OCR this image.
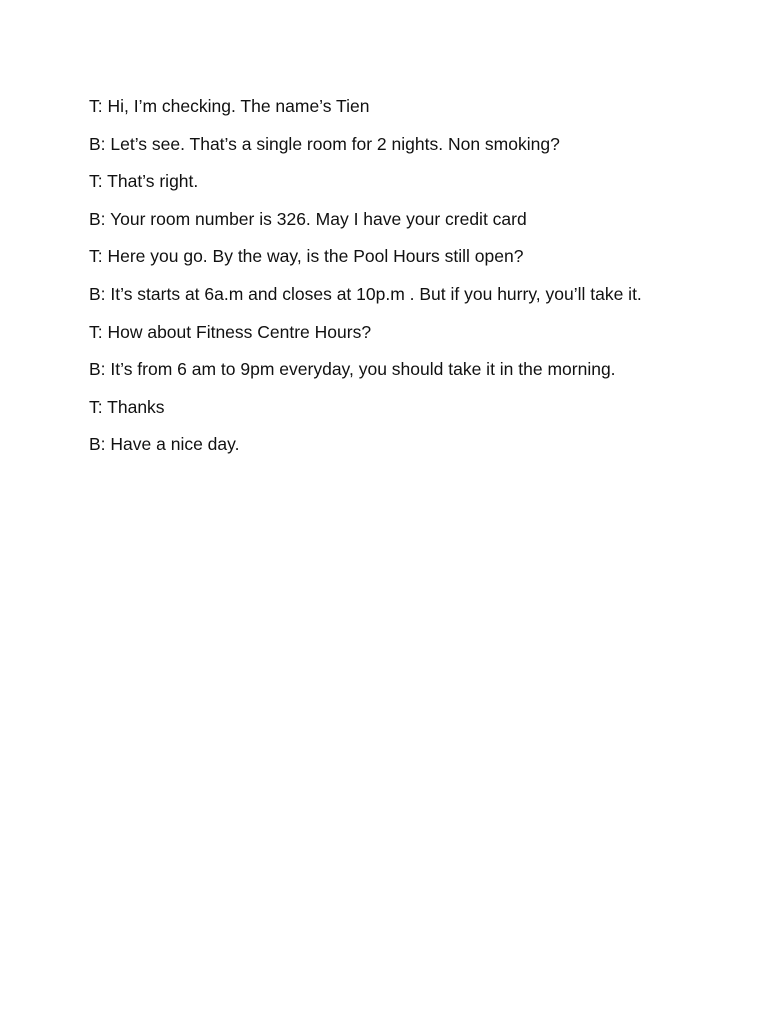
T: Hi, I’m checking. The name’s Tien
B: Let’s see. That’s a single room for 2 nights. Non smoking?
T: That’s right.
B: Your room number is 326. May I have your credit card
T: Here you go. By the way, is the Pool Hours still open?
B: It’s starts at 6a.m and closes at 10p.m . But if you hurry, you’ll take it.
T: How about Fitness Centre Hours?
B: It’s from 6 am to 9pm everyday, you should take it in the morning.
T: Thanks
B: Have a nice day.
